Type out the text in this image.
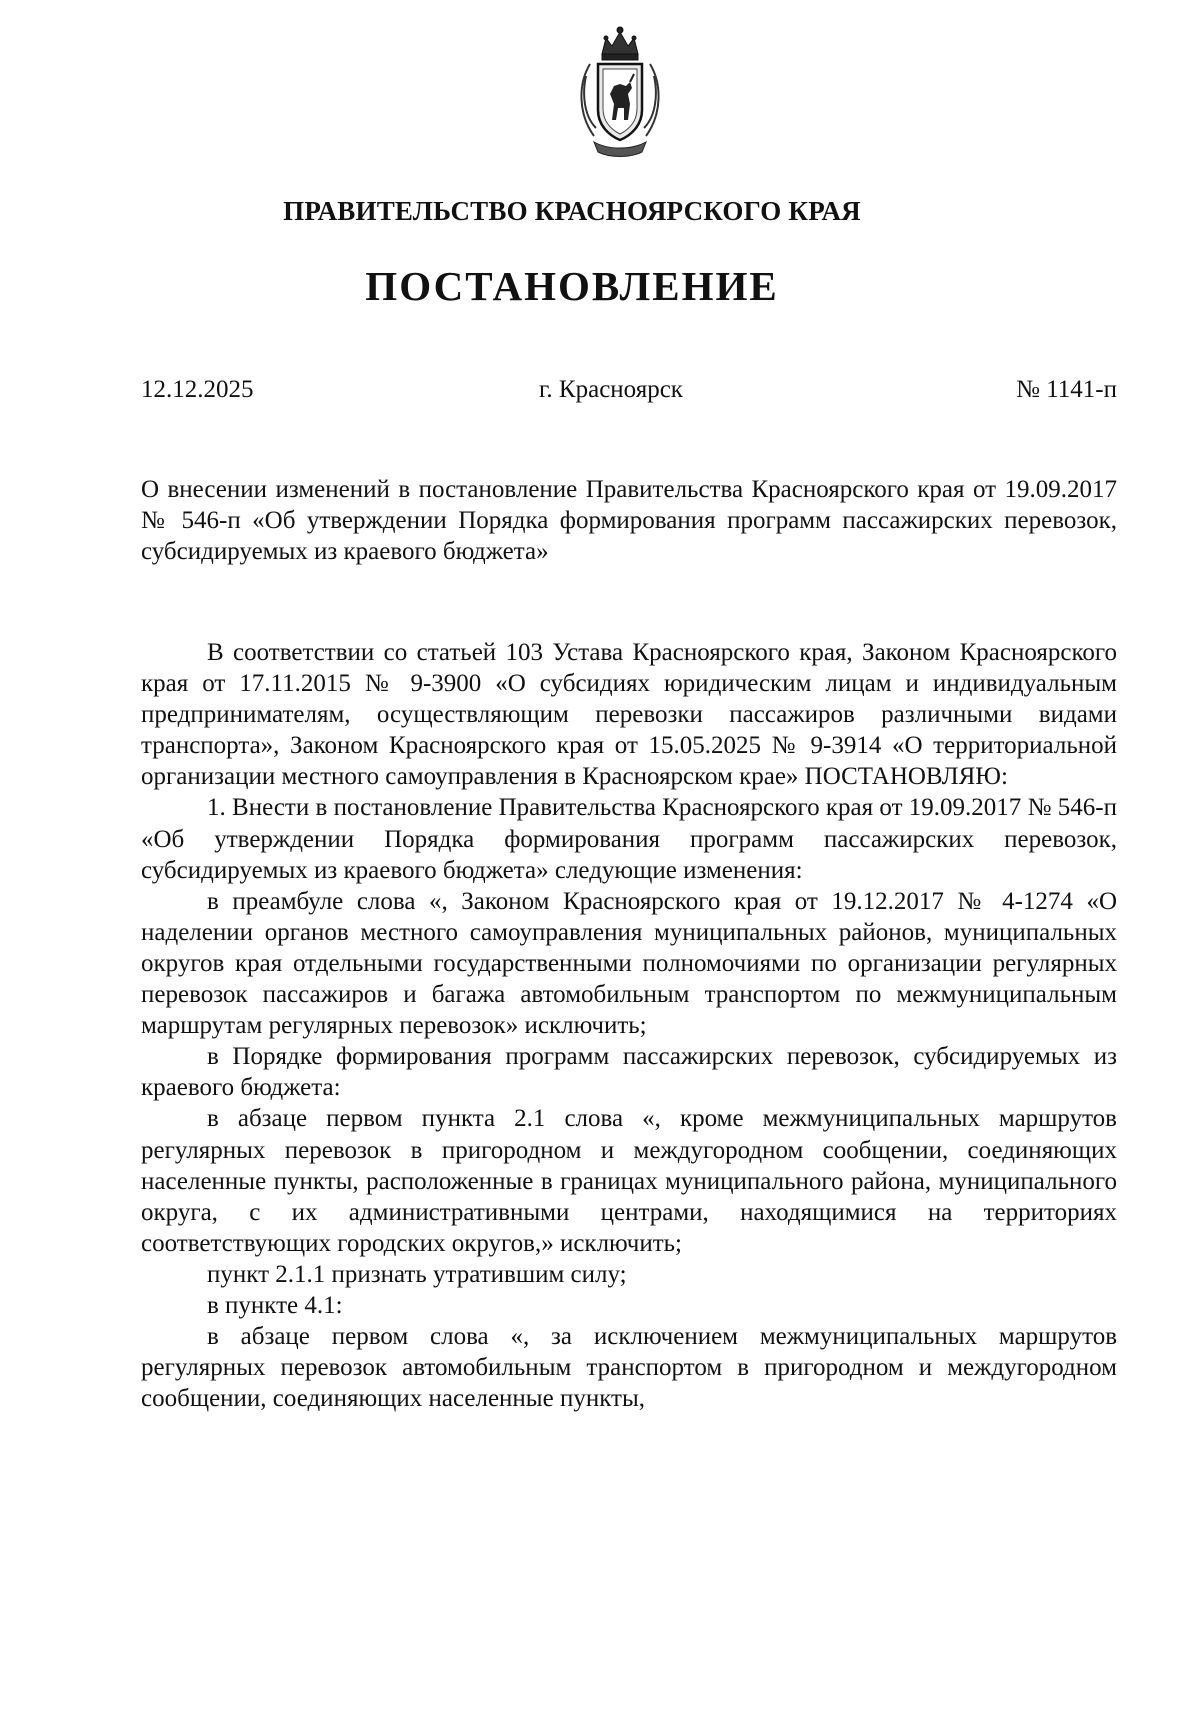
ПРАВИТЕЛЬСТВО КРАСНОЯРСКОГО КРАЯ
ПОСТАНОВЛЕНИЕ
12.12.2025	г. Красноярск	№ 1141-п

О внесении изменений в постановление Правительства Красноярского края от 19.09.2017 № 546-п «Об утверждении Порядка формирования программ пассажирских перевозок, субсидируемых из краевого бюджета»

В соответствии со статьей 103 Устава Красноярского края, Законом Красноярского края от 17.11.2015 № 9-3900 «О субсидиях юридическим лицам и индивидуальным предпринимателям, осуществляющим перевозки пассажиров различными видами транспорта», Законом Красноярского края от 15.05.2025 № 9-3914 «О территориальной организации местного самоуправления в Красноярском крае» ПОСТАНОВЛЯЮ:

1. Внести в постановление Правительства Красноярского края от 19.09.2017 № 546-п «Об утверждении Порядка формирования программ пассажирских перевозок, субсидируемых из краевого бюджета» следующие изменения:

в преамбуле слова «, Законом Красноярского края от 19.12.2017 № 4-1274 «О наделении органов местного самоуправления муниципальных районов, муниципальных округов края отдельными государственными полномочиями по организации регулярных перевозок пассажиров и багажа автомобильным транспортом по межмуниципальным маршрутам регулярных перевозок» исключить;

в Порядке формирования программ пассажирских перевозок, субсидируемых из краевого бюджета:

в абзаце первом пункта 2.1 слова «, кроме межмуниципальных маршрутов регулярных перевозок в пригородном и междугородном сообщении, соединяющих населенные пункты, расположенные в границах муниципального района, муниципального округа, с их административными центрами, находящимися на территориях соответствующих городских округов,» исключить;

пункт 2.1.1 признать утратившим силу;

в пункте 4.1:

в абзаце первом слова «, за исключением межмуниципальных маршрутов регулярных перевозок автомобильным транспортом в пригородном и междугородном сообщении, соединяющих населенные пункты,
